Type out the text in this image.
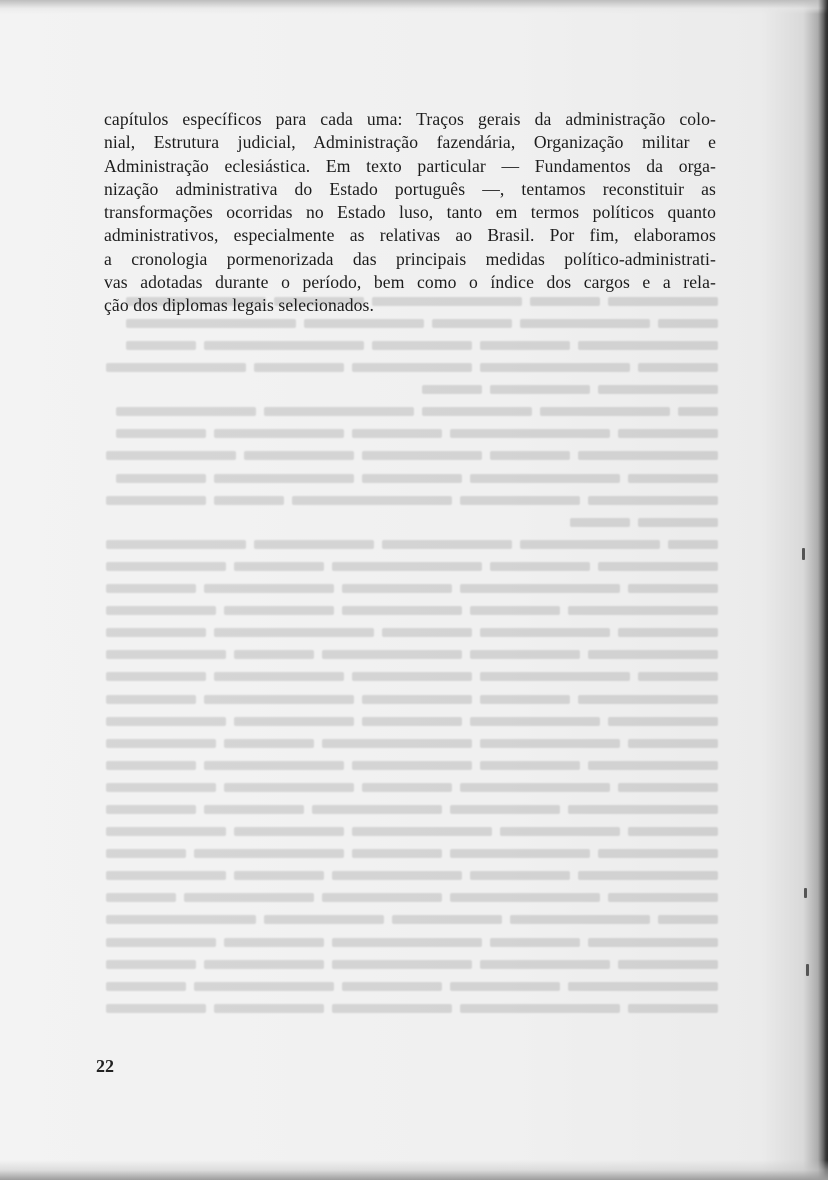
capítulos específicos para cada uma: Traços gerais da administração colo-
nial, Estrutura judicial, Administração fazendária, Organização militar e
Administração eclesiástica. Em texto particular — Fundamentos da orga-
nização administrativa do Estado português —, tentamos reconstituir as
transformações ocorridas no Estado luso, tanto em termos políticos quanto
administrativos, especialmente as relativas ao Brasil. Por fim, elaboramos
a cronologia pormenorizada das principais medidas político-administrati-
vas adotadas durante o período, bem como o índice dos cargos e a rela-
ção dos diplomas legais selecionados.
22
